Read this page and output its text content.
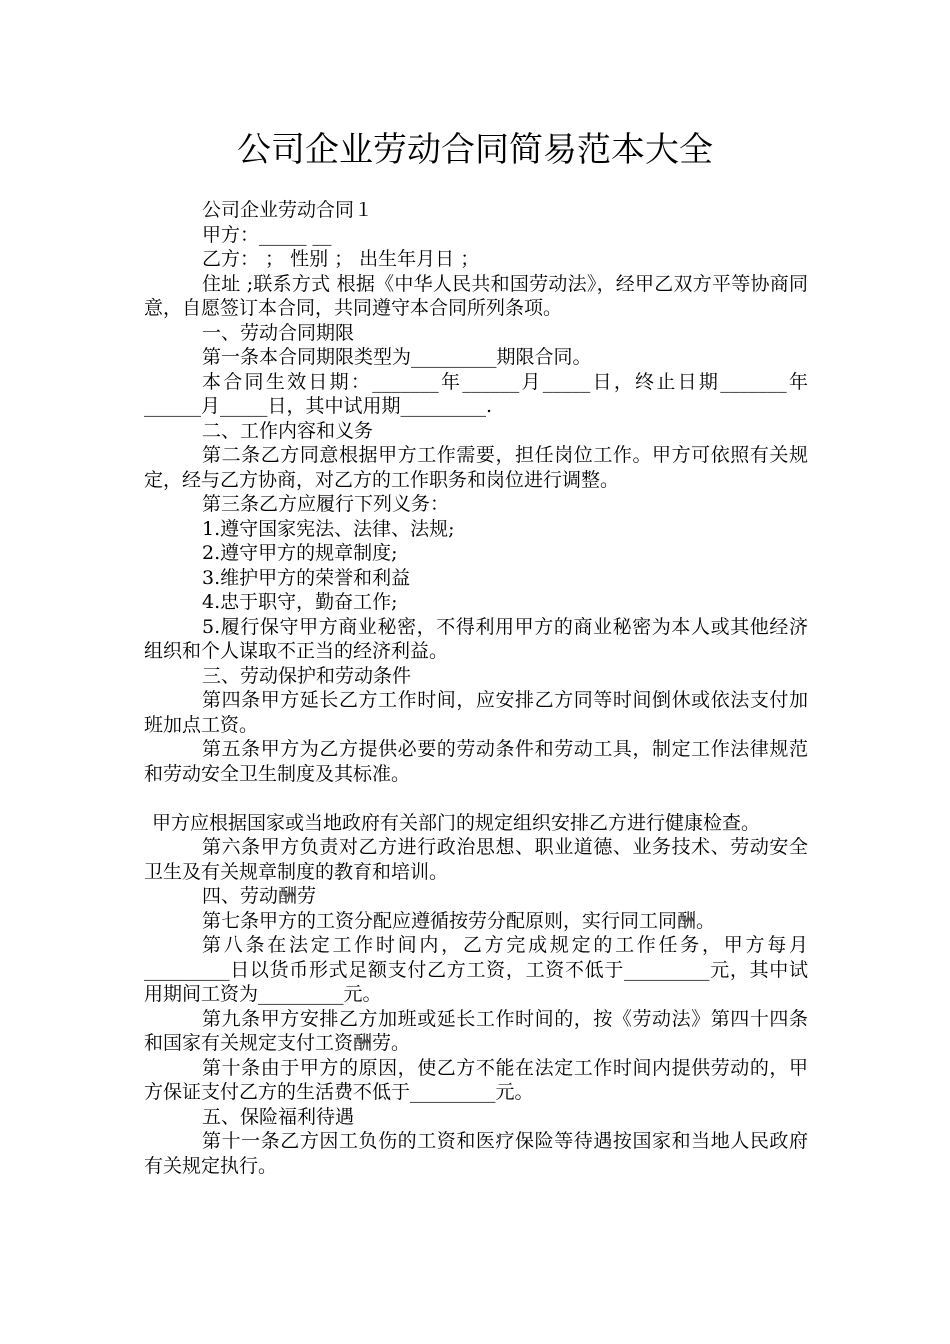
公司企业劳动合同简易范本大全

公司企业劳动合同１

甲方：_____ __

乙方： ； 性别 ； 出生年月日 ；

住址 ;联系方式 根据《中华人民共和国劳动法》，经甲乙双方平等协商同意，自愿签订本合同，共同遵守本合同所列条项。

一、劳动合同期限

第一条本合同期限类型为_________期限合同。

本合同生效日期：_______年______月_____日，终止日期_______年______月_____日，其中试用期_________.

二、工作内容和义务

第二条乙方同意根据甲方工作需要，担任岗位工作。甲方可依照有关规定，经与乙方协商，对乙方的工作职务和岗位进行调整。

第三条乙方应履行下列义务：

1.遵守国家宪法、法律、法规;

2.遵守甲方的规章制度;

3.维护甲方的荣誉和利益

4.忠于职守，勤奋工作;

5.履行保守甲方商业秘密，不得利用甲方的商业秘密为本人或其他经济组织和个人谋取不正当的经济利益。

三、劳动保护和劳动条件

第四条甲方延长乙方工作时间，应安排乙方同等时间倒休或依法支付加班加点工资。

第五条甲方为乙方提供必要的劳动条件和劳动工具，制定工作法律规范和劳动安全卫生制度及其标准。

甲方应根据国家或当地政府有关部门的规定组织安排乙方进行健康检查。

第六条甲方负责对乙方进行政治思想、职业道德、业务技术、劳动安全卫生及有关规章制度的教育和培训。

四、劳动酬劳

第七条甲方的工资分配应遵循按劳分配原则，实行同工同酬。

第八条在法定工作时间内，乙方完成规定的工作任务，甲方每月_________日以货币形式足额支付乙方工资，工资不低于_________元，其中试用期间工资为_________元。

第九条甲方安排乙方加班或延长工作时间的，按《劳动法》第四十四条和国家有关规定支付工资酬劳。

第十条由于甲方的原因，使乙方不能在法定工作时间内提供劳动的，甲方保证支付乙方的生活费不低于_________元。

五、保险福利待遇

第十一条乙方因工负伤的工资和医疗保险等待遇按国家和当地人民政府有关规定执行。
